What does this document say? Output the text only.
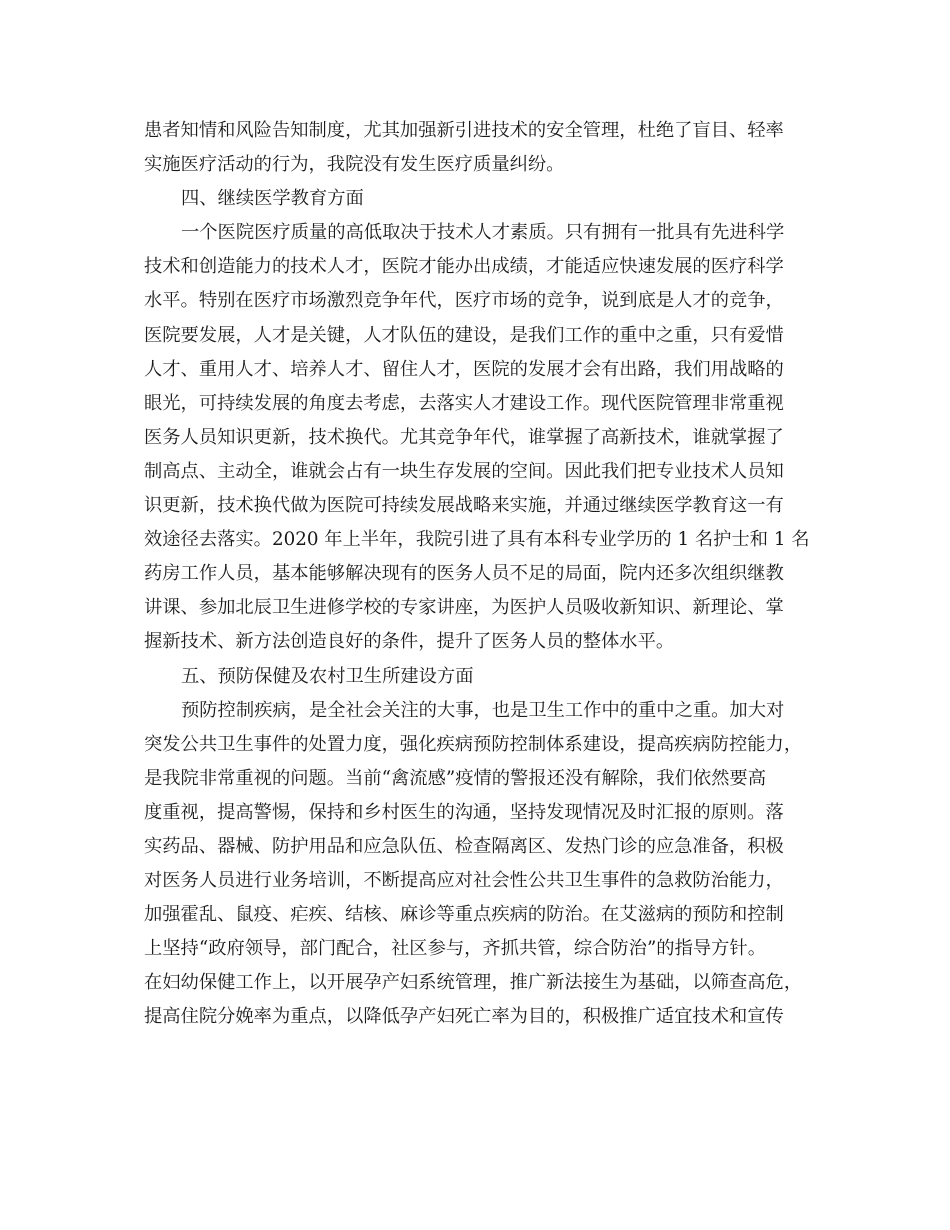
患者知情和风险告知制度，尤其加强新引进技术的安全管理，杜绝了盲目、轻率
实施医疗活动的行为，我院没有发生医疗质量纠纷。
四、继续医学教育方面
一个医院医疗质量的高低取决于技术人才素质。只有拥有一批具有先进科学
技术和创造能力的技术人才，医院才能办出成绩，才能适应快速发展的医疗科学
水平。特别在医疗市场激烈竞争年代，医疗市场的竞争，说到底是人才的竞争，
医院要发展，人才是关键，人才队伍的建设，是我们工作的重中之重，只有爱惜
人才、重用人才、培养人才、留住人才，医院的发展才会有出路，我们用战略的
眼光，可持续发展的角度去考虑，去落实人才建设工作。现代医院管理非常重视
医务人员知识更新，技术换代。尤其竞争年代，谁掌握了高新技术，谁就掌握了
制高点、主动全，谁就会占有一块生存发展的空间。因此我们把专业技术人员知
识更新，技术换代做为医院可持续发展战略来实施，并通过继续医学教育这一有
效途径去落实。2020 年上半年，我院引进了具有本科专业学历的 1 名护士和 1 名
药房工作人员，基本能够解决现有的医务人员不足的局面，院内还多次组织继教
讲课、参加北辰卫生进修学校的专家讲座，为医护人员吸收新知识、新理论、掌
握新技术、新方法创造良好的条件，提升了医务人员的整体水平。
五、预防保健及农村卫生所建设方面
预防控制疾病，是全社会关注的大事，也是卫生工作中的重中之重。加大对
突发公共卫生事件的处置力度，强化疾病预防控制体系建设，提高疾病防控能力，
是我院非常重视的问题。当前“禽流感”疫情的警报还没有解除，我们依然要高
度重视，提高警惕，保持和乡村医生的沟通，坚持发现情况及时汇报的原则。落
实药品、器械、防护用品和应急队伍、检查隔离区、发热门诊的应急准备，积极
对医务人员进行业务培训，不断提高应对社会性公共卫生事件的急救防治能力，
加强霍乱、鼠疫、疟疾、结核、麻诊等重点疾病的防治。在艾滋病的预防和控制
上坚持“政府领导，部门配合，社区参与，齐抓共管，综合防治”的指导方针。
在妇幼保健工作上，以开展孕产妇系统管理，推广新法接生为基础，以筛查高危，
提高住院分娩率为重点，以降低孕产妇死亡率为目的，积极推广适宜技术和宣传
